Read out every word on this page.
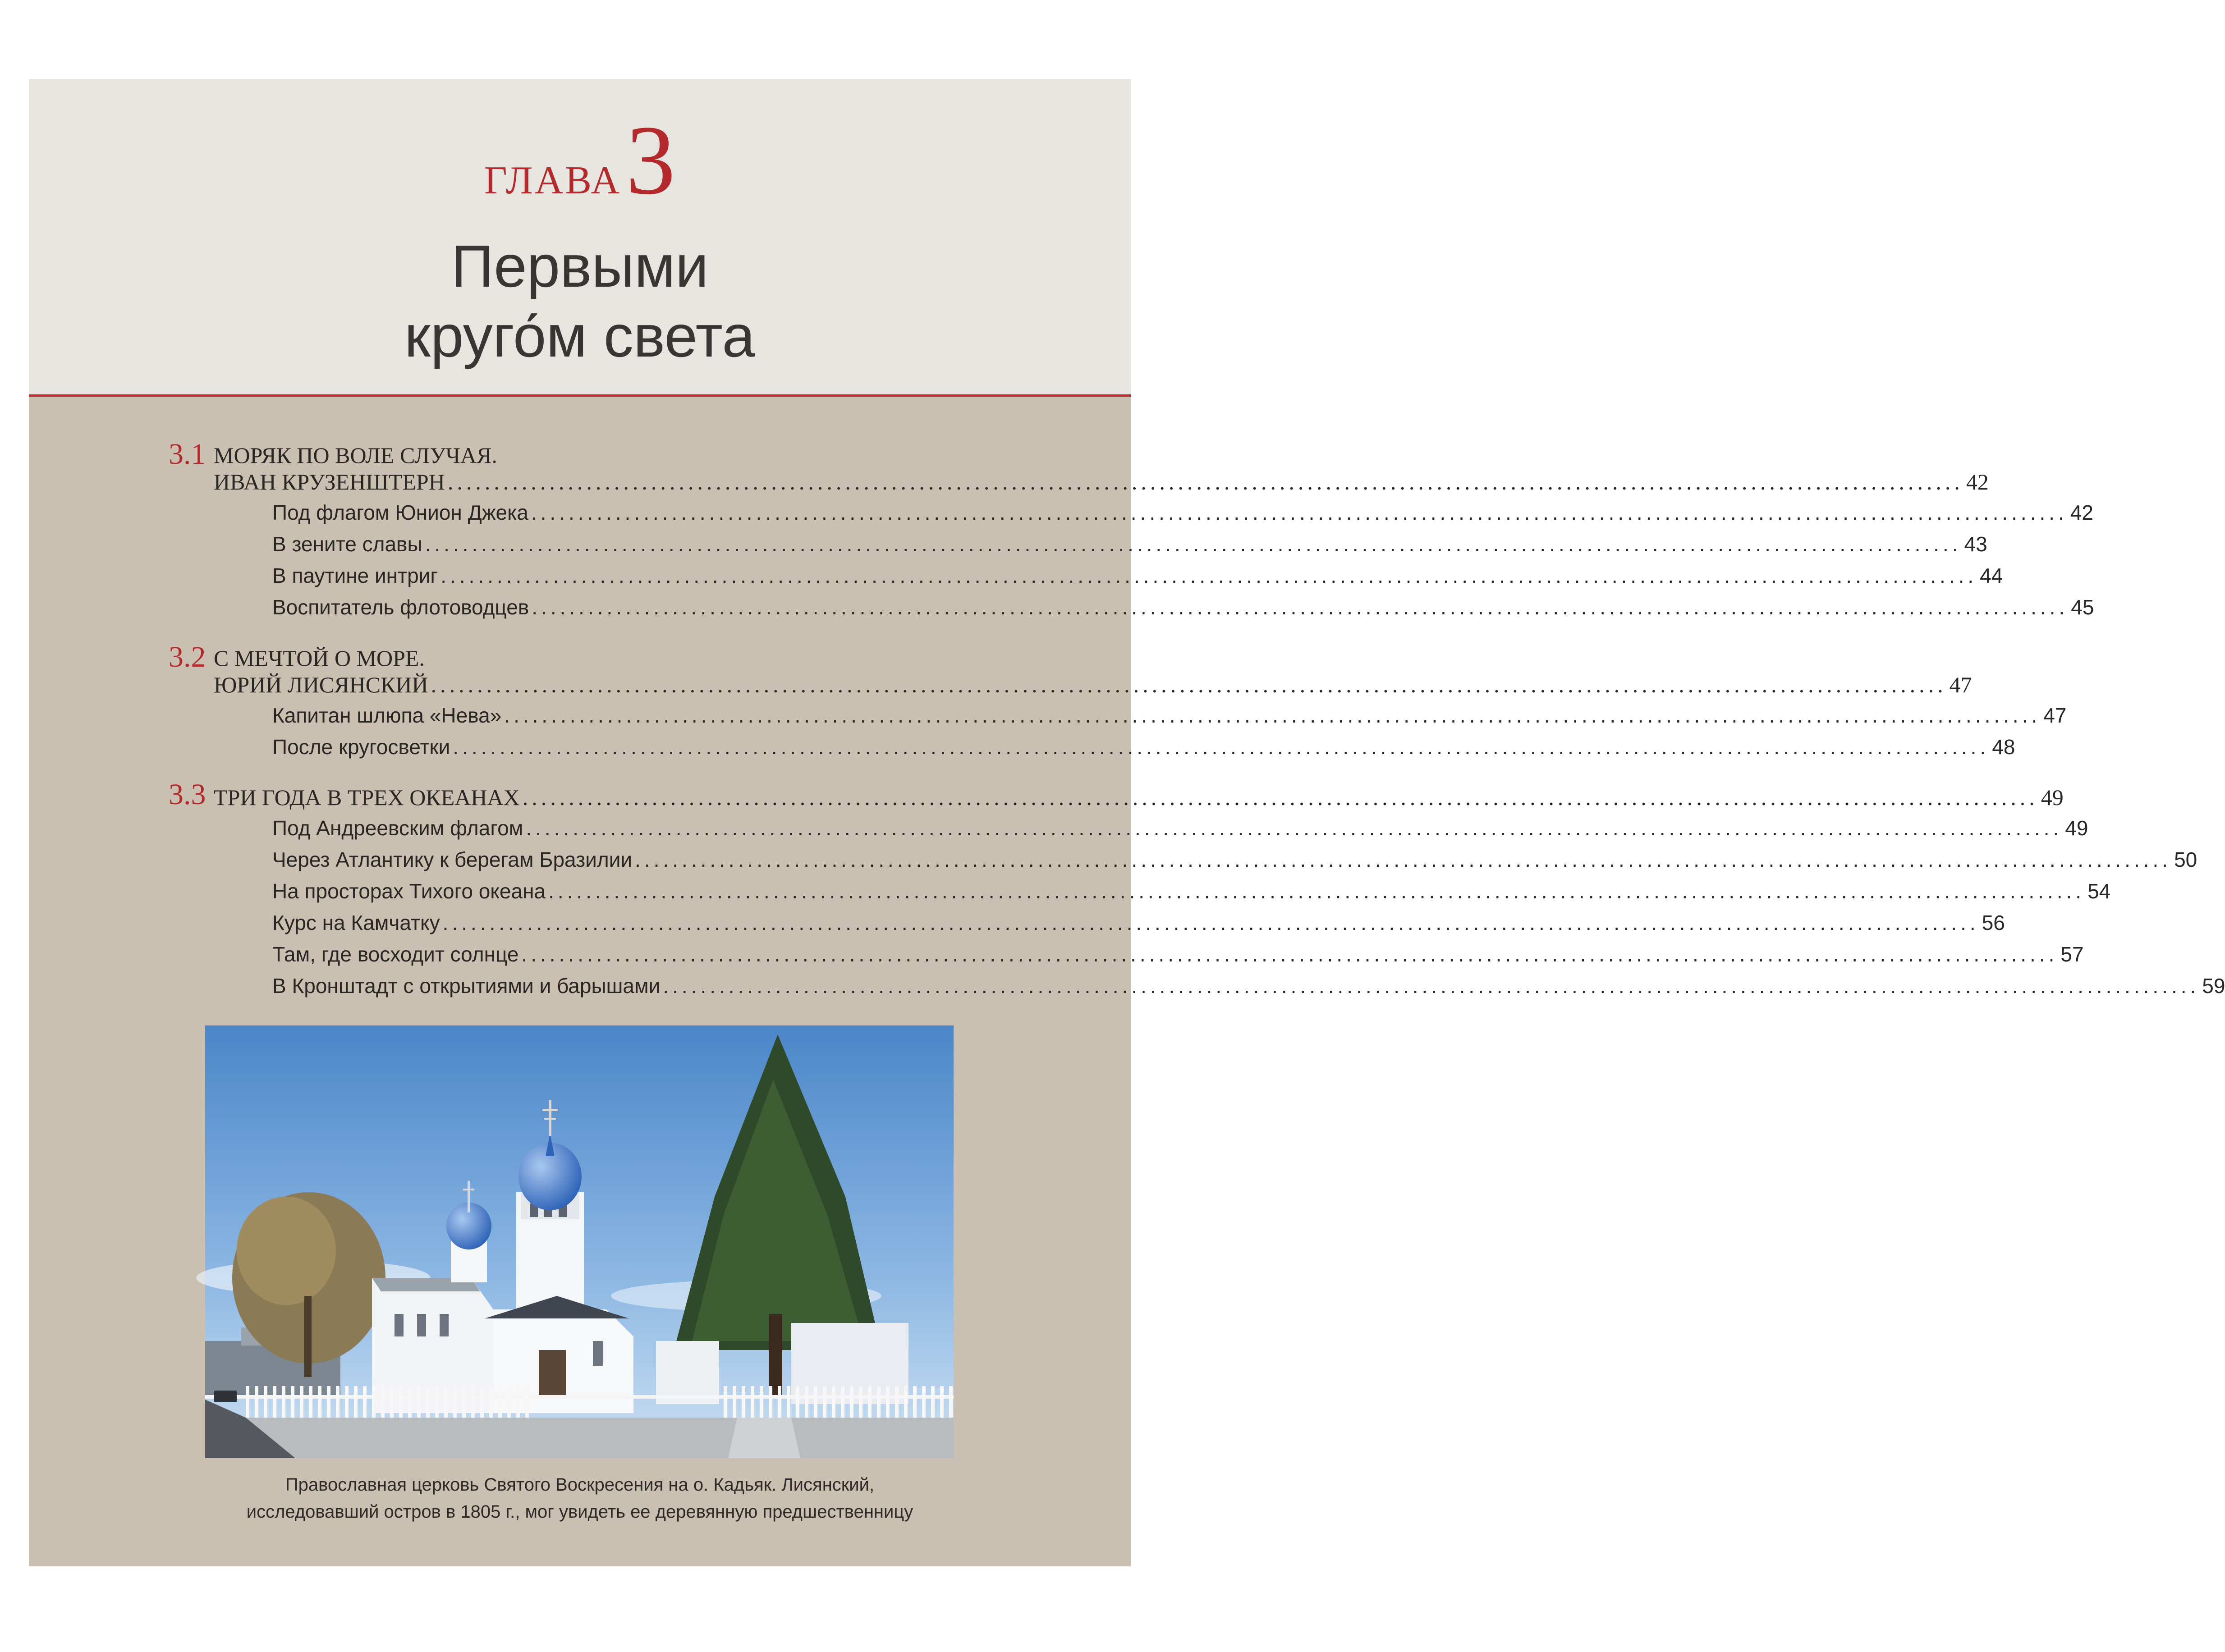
ГЛАВА3
Первыми
круго́м света
3.1 МОРЯК ПО ВОЛЕ СЛУЧАЯ.
ИВАН КРУЗЕНШТЕРН .................................................................................................................................................................... 42
Под флагом Юнион Джека .................................................................................................................................................................... 42
В зените славы .................................................................................................................................................................... 43
В паутине интриг .................................................................................................................................................................... 44
Воспитатель флотоводцев .................................................................................................................................................................... 45
3.2 С МЕЧТОЙ О МОРЕ.
ЮРИЙ ЛИСЯНСКИЙ .................................................................................................................................................................... 47
Капитан шлюпа «Нева» .................................................................................................................................................................... 47
После кругосветки .................................................................................................................................................................... 48
3.3 ТРИ ГОДА В ТРЕХ ОКЕАНАХ .................................................................................................................................................................... 49
Под Андреевским флагом .................................................................................................................................................................... 49
Через Атлантику к берегам Бразилии .................................................................................................................................................................... 50
На просторах Тихого океана .................................................................................................................................................................... 54
Курс на Камчатку .................................................................................................................................................................... 56
Там, где восходит солнце .................................................................................................................................................................... 57
В Кронштадт с открытиями и барышами .................................................................................................................................................................... 59
Православная церковь Святого Воскресения на о. Кадьяк. Лисянский,
исследовавший остров в 1805 г., мог увидеть ее деревянную предшественницу
